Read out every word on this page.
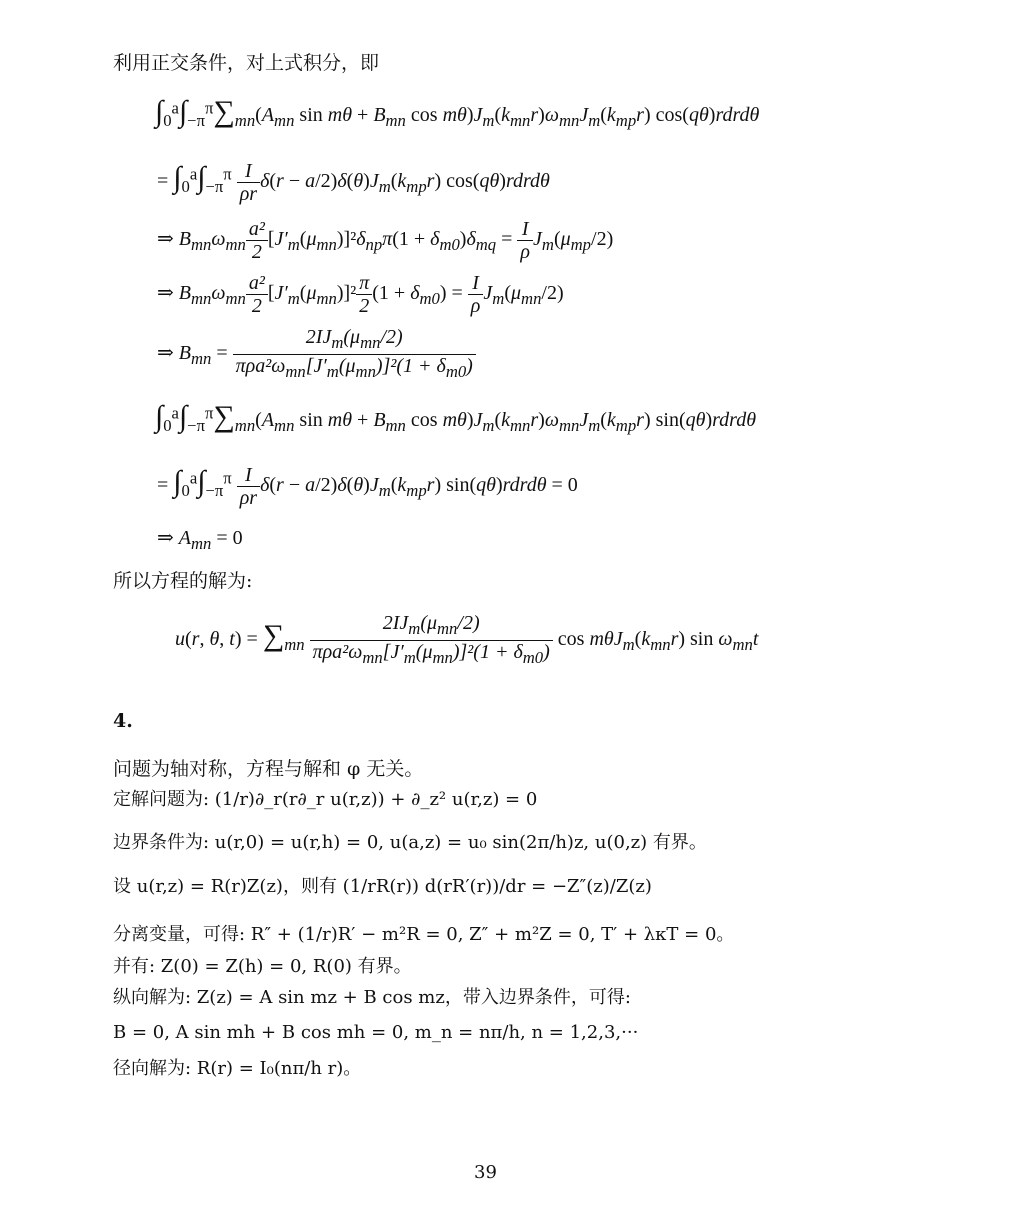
利用正交条件，对上式积分，即
$\int_0^a\int_{-\pi}^\pi\sum_{mn}(A_{mn}$ $\sin m\theta + B_{mn}$ $\cos m\theta)J_m(k_{mn}r)\omega_{mn}J_m(k_{mp}r)$ cos(qθ)rdrdθ
= $\int_0^a\int_{-\pi}^\pi \frac{I}{\rho r} \delta(r - a/2)\delta(\theta)J_m(k_{mp}r)$ cos(qθ)rdrdθ
⇒ $B_{mn}\omega_{mn} \frac{\text{a²}}{2} [J'_m(\mu_{mn})]^2\delta_{np}\pi(1 + \delta_{m0})\delta_{mq} = \frac{I}{\rho} J_m(\mu_{mp}/2)$
⇒ $B_{mn}\omega_{mn} \frac{\text{a²}}{2} [J'_m(\mu_{mn})]^2 \frac{\pi}{2} (1 + \delta_{m0}) = \frac{I}{\rho} J_m(\mu_{mn}/2)$
⇒ $B_{mn}$ =
$2IJ_m(\mu_{mn}/2)$
$\pi\rho a^2\omega_{mn}[J'_m(\mu_{mn})]^2(1 + \delta_{m0})$
$\int_0^a\int_{-\pi}^\pi\sum_{mn}(A_{mn}$ $\sin m\theta + B_{mn}$ $\cos m\theta)J_m(k_{mn}r)\omega_{mn}J_m(k_{mp}r)$ sin(qθ)rdrdθ
= $\int_0^a\int_{-\pi}^\pi \frac{I}{\rho r} \delta(r - a/2)\delta(\theta)J_m(k_{mp}r)$ sin(qθ)rdrdθ = 0
⇒ $A_{mn} = 0$
所以方程的解为:
u(r, θ, $t) = \sum_{mn}$
$2IJ_m(\mu_{mn}/2)$
$\pi\rho a^2\omega_{mn}[J'_m(\mu_{mn})]^2(1 + \delta_{m0})$
$\cos m\theta J_m(k_{mn}r)$ $\sin \omega_{mn}t$
4.
问题为轴对称，方程与解和 φ 无关。
定解问题为: (1/r)∂_r(r∂_r u(r,z)) + ∂_z² u(r,z) = 0
边界条件为: u(r,0) = u(r,h) = 0, u(a,z) = u₀ sin(2π/h)z, u(0,z) 有界。
设 u(r,z) = R(r)Z(z)，则有 (1/rR(r)) d(rR′(r))/dr = −Z″(z)/Z(z)
分离变量，可得: R″ + (1/r)R′ − m²R = 0, Z″ + m²Z = 0, T′ + λκT = 0。
并有: Z(0) = Z(h) = 0, R(0) 有界。
纵向解为: Z(z) = A sin mz + B cos mz，带入边界条件，可得:
B = 0, A sin mh + B cos mh = 0, m_n = nπ/h, n = 1,2,3,···
径向解为: R(r) = I₀(nπ/h r)。
39
